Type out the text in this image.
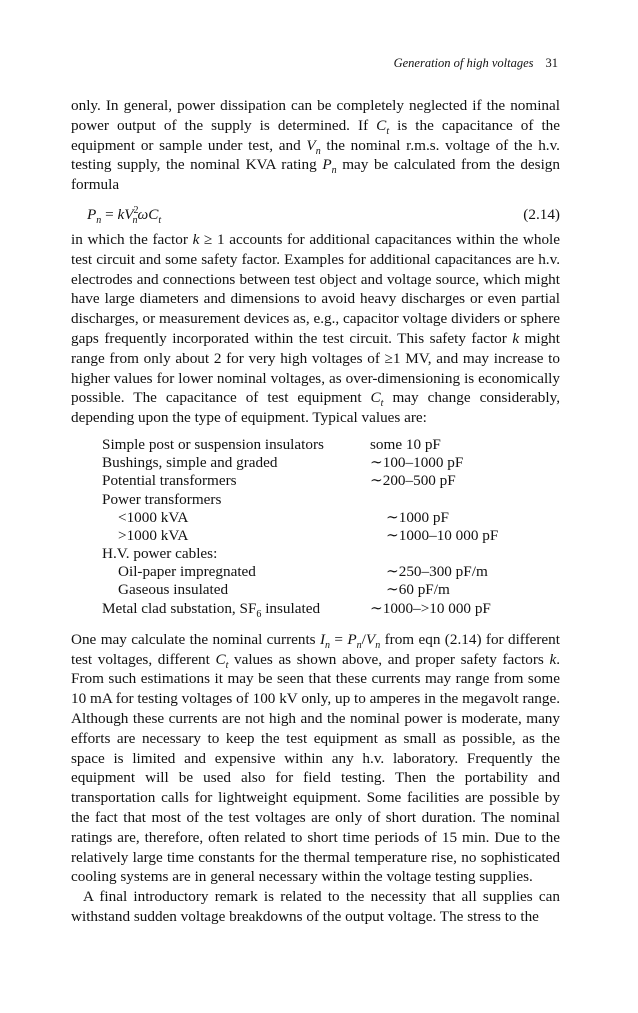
Generation of high voltages 31

only. In general, power dissipation can be completely neglected if the nominal power output of the supply is determined. If $C_t$ is the capacitance of the equipment or sample under test, and $V_n$ the nominal r.m.s. voltage of the h.v. testing supply, the nominal KVA rating $P_n$ may be calculated from the design formula

$P_n = kV^2_n\omega C_t$	(2.14)

in which the factor k ≥ 1 accounts for additional capacitances within the whole test circuit and some safety factor. Examples for additional capacitances are h.v. electrodes and connections between test object and voltage source, which might have large diameters and dimensions to avoid heavy discharges or even partial discharges, or measurement devices as, e.g., capacitor voltage dividers or sphere gaps frequently incorporated within the test circuit. This safety factor k might range from only about 2 for very high voltages of ≥1 MV, and may increase to higher values for lower nominal voltages, as over-dimensioning is economically possible. The capacitance of test equipment $C_t$ may change considerably, depending upon the type of equipment. Typical values are:

Simple post or suspension insulators	some 10 pF
Bushings, simple and graded	∼100–1000 pF
Potential transformers	∼200–500 pF
Power transformers
<1000 kVA	∼1000 pF
>1000 kVA	∼1000–10 000 pF
H.V. power cables:
Oil-paper impregnated	∼250–300 pF/m
Gaseous insulated	∼60 pF/m
Metal clad substation, $SF_6$ insulated	∼1000–>10 000 pF

One may calculate the nominal currents $I_n = P_n/V_n$ from eqn (2.14) for different test voltages, different $C_t$ values as shown above, and proper safety factors k. From such estimations it may be seen that these currents may range from some 10 mA for testing voltages of 100 kV only, up to amperes in the megavolt range. Although these currents are not high and the nominal power is moderate, many efforts are necessary to keep the test equipment as small as possible, as the space is limited and expensive within any h.v. laboratory. Frequently the equipment will be used also for field testing. Then the portability and transportation calls for lightweight equipment. Some facilities are possible by the fact that most of the test voltages are only of short duration. The nominal ratings are, therefore, often related to short time periods of 15 min. Due to the relatively large time constants for the thermal temperature rise, no sophisticated cooling systems are in general necessary within the voltage testing supplies.

A final introductory remark is related to the necessity that all supplies can withstand sudden voltage breakdowns of the output voltage. The stress to the
